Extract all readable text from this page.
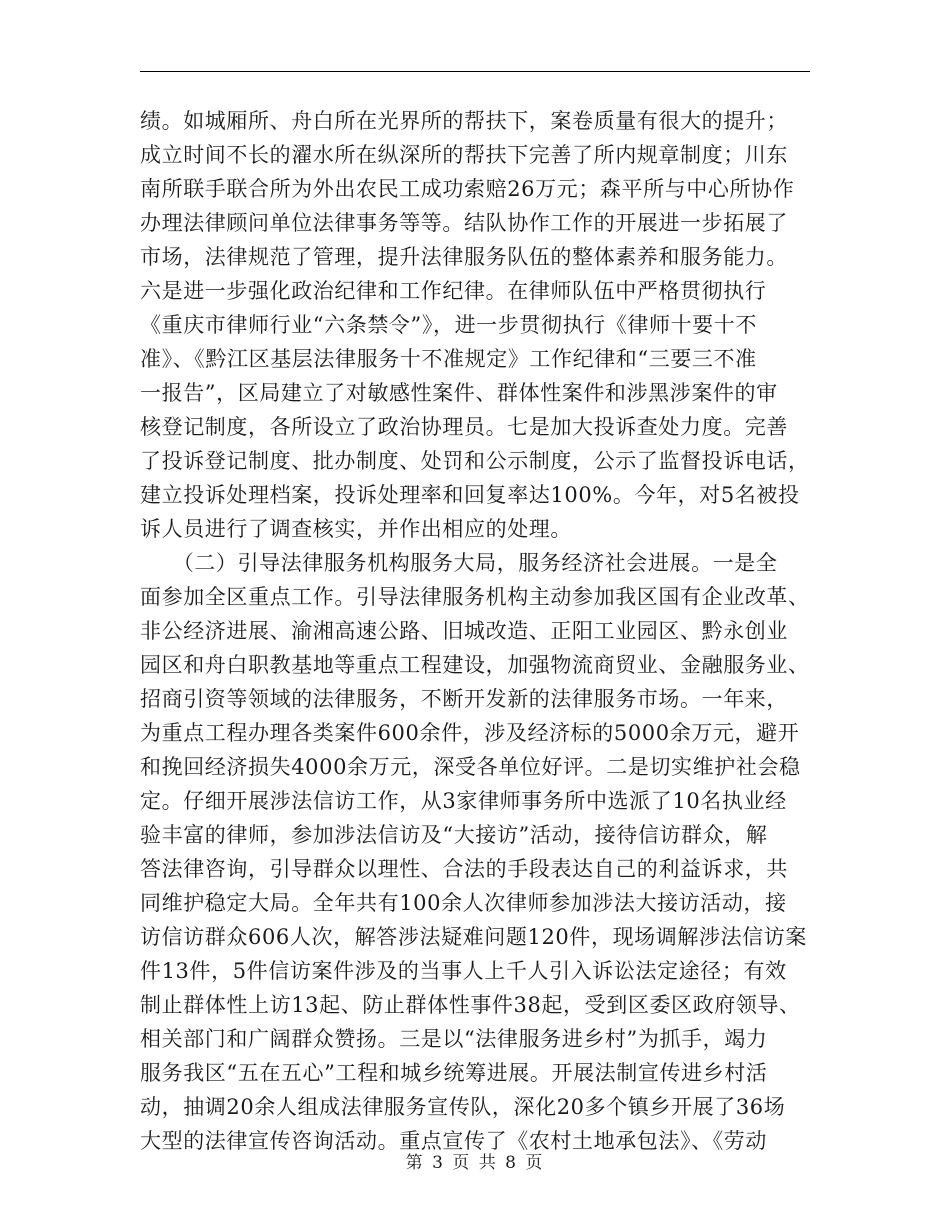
绩。如城厢所、舟白所在光界所的帮扶下，案卷质量有很大的提升；
成立时间不长的濯水所在纵深所的帮扶下完善了所内规章制度；川东
南所联手联合所为外出农民工成功索赔26万元；森平所与中心所协作
办理法律顾问单位法律事务等等。结队协作工作的开展进一步拓展了
市场，法律规范了管理，提升法律服务队伍的整体素养和服务能力。
六是进一步强化政治纪律和工作纪律。在律师队伍中严格贯彻执行
《重庆市律师行业“六条禁令”》，进一步贯彻执行《律师十要十不
准》、《黔江区基层法律服务十不准规定》工作纪律和“三要三不准
一报告”，区局建立了对敏感性案件、群体性案件和涉黑涉案件的审
核登记制度，各所设立了政治协理员。七是加大投诉查处力度。完善
了投诉登记制度、批办制度、处罚和公示制度，公示了监督投诉电话，
建立投诉处理档案，投诉处理率和回复率达100%。今年，对5名被投
诉人员进行了调查核实，并作出相应的处理。
　　（二）引导法律服务机构服务大局，服务经济社会进展。一是全
面参加全区重点工作。引导法律服务机构主动参加我区国有企业改革、
非公经济进展、渝湘高速公路、旧城改造、正阳工业园区、黔永创业
园区和舟白职教基地等重点工程建设，加强物流商贸业、金融服务业、
招商引资等领域的法律服务，不断开发新的法律服务市场。一年来，
为重点工程办理各类案件600余件，涉及经济标的5000余万元，避开
和挽回经济损失4000余万元，深受各单位好评。二是切实维护社会稳
定。仔细开展涉法信访工作，从3家律师事务所中选派了10名执业经
验丰富的律师，参加涉法信访及“大接访”活动，接待信访群众，解
答法律咨询，引导群众以理性、合法的手段表达自己的利益诉求，共
同维护稳定大局。全年共有100余人次律师参加涉法大接访活动，接
访信访群众606人次，解答涉法疑难问题120件，现场调解涉法信访案
件13件，5件信访案件涉及的当事人上千人引入诉讼法定途径；有效
制止群体性上访13起、防止群体性事件38起，受到区委区政府领导、
相关部门和广阔群众赞扬。三是以“法律服务进乡村”为抓手，竭力
服务我区“五在五心”工程和城乡统筹进展。开展法制宣传进乡村活
动，抽调20余人组成法律服务宣传队，深化20多个镇乡开展了36场
大型的法律宣传咨询活动。重点宣传了《农村土地承包法》、《劳动
第 3 页 共 8 页
